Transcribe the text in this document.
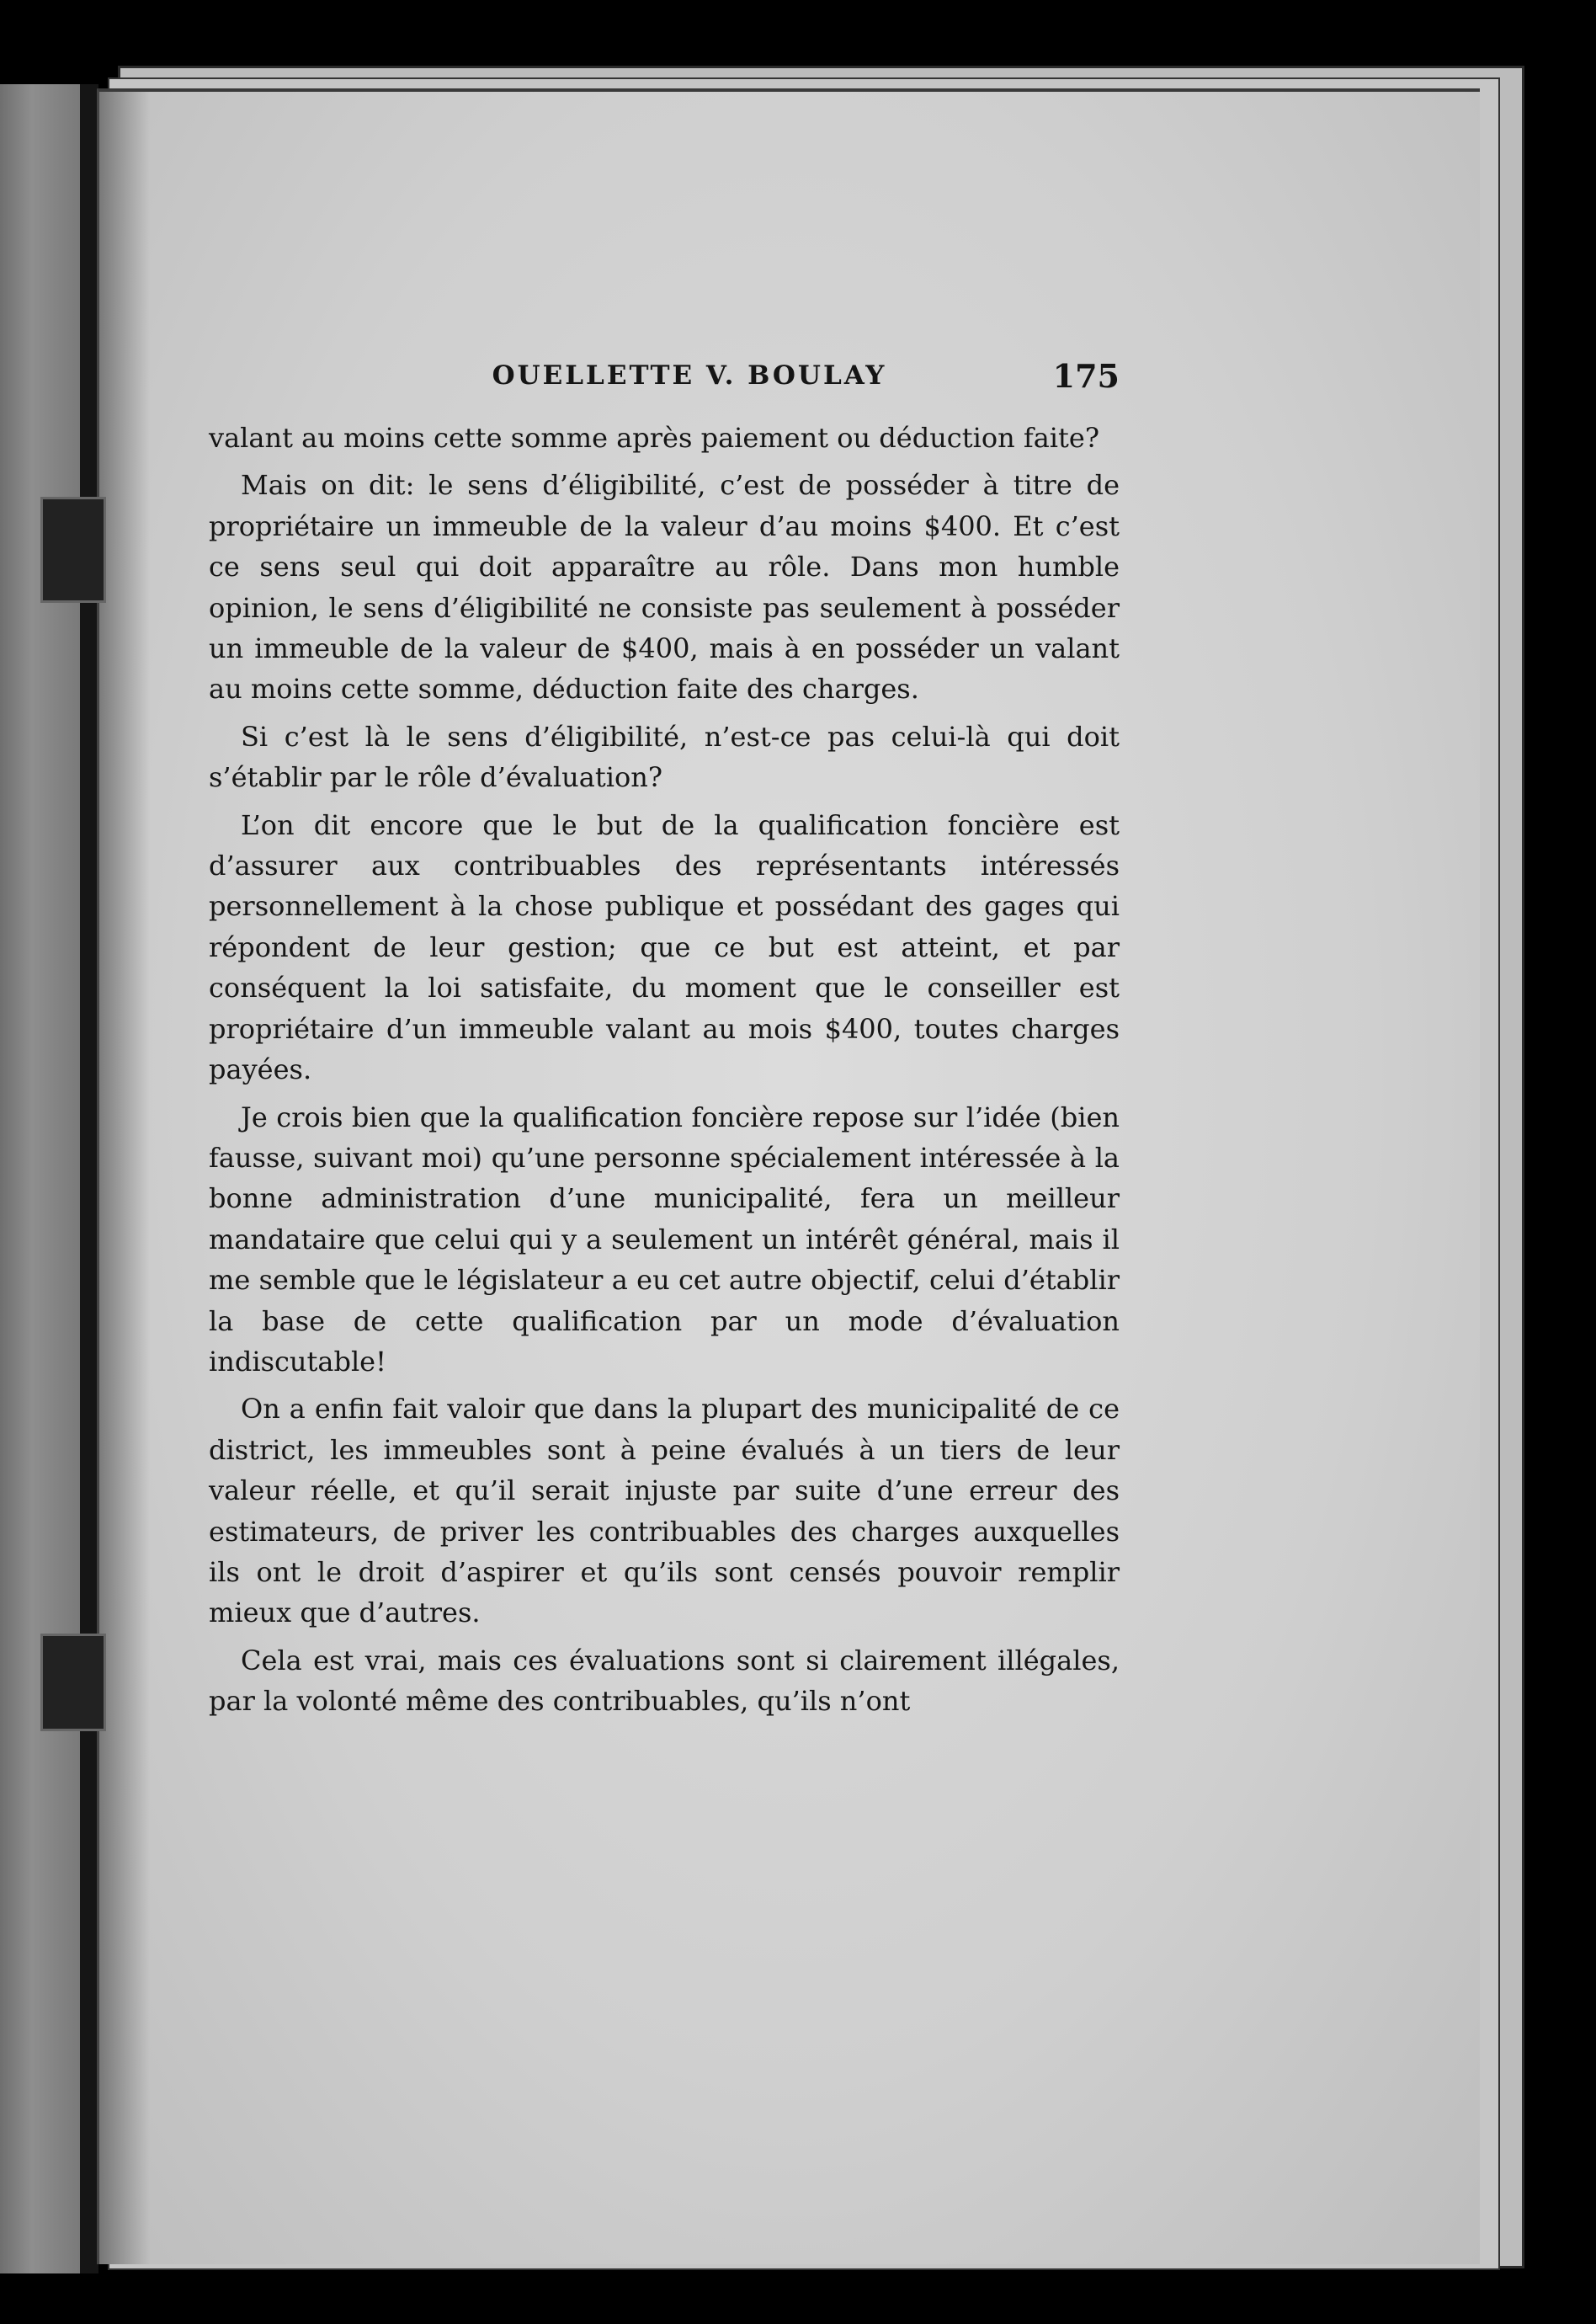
OUELLETTE V. BOULAY	175

valant au moins cette somme après paiement ou déduction faite?

Mais on dit: le sens d’éligibilité, c’est de posséder à titre de propriétaire un immeuble de la valeur d’au moins $400. Et c’est ce sens seul qui doit apparaître au rôle. Dans mon humble opinion, le sens d’éligibilité ne consiste pas seulement à posséder un immeuble de la valeur de $400, mais à en posséder un valant au moins cette somme, déduction faite des charges.

Si c’est là le sens d’éligibilité, n’est-ce pas celui-là qui doit s’établir par le rôle d’évaluation?

L’on dit encore que le but de la qualification foncière est d’assurer aux contribuables des représentants intéressés personnellement à la chose publique et possédant des gages qui répondent de leur gestion; que ce but est atteint, et par conséquent la loi satisfaite, du moment que le conseiller est propriétaire d’un immeuble valant au mois $400, toutes charges payées.

Je crois bien que la qualification foncière repose sur l’idée (bien fausse, suivant moi) qu’une personne spécialement intéressée à la bonne administration d’une municipalité, fera un meilleur mandataire que celui qui y a seulement un intérêt général, mais il me semble que le législateur a eu cet autre objectif, celui d’établir la base de cette qualification par un mode d’évaluation indiscutable!

On a enfin fait valoir que dans la plupart des municipalité de ce district, les immeubles sont à peine évalués à un tiers de leur valeur réelle, et qu’il serait injuste par suite d’une erreur des estimateurs, de priver les contribuables des charges auxquelles ils ont le droit d’aspirer et qu’ils sont censés pouvoir remplir mieux que d’autres.

Cela est vrai, mais ces évaluations sont si clairement illégales, par la volonté même des contribuables, qu’ils n’ont
